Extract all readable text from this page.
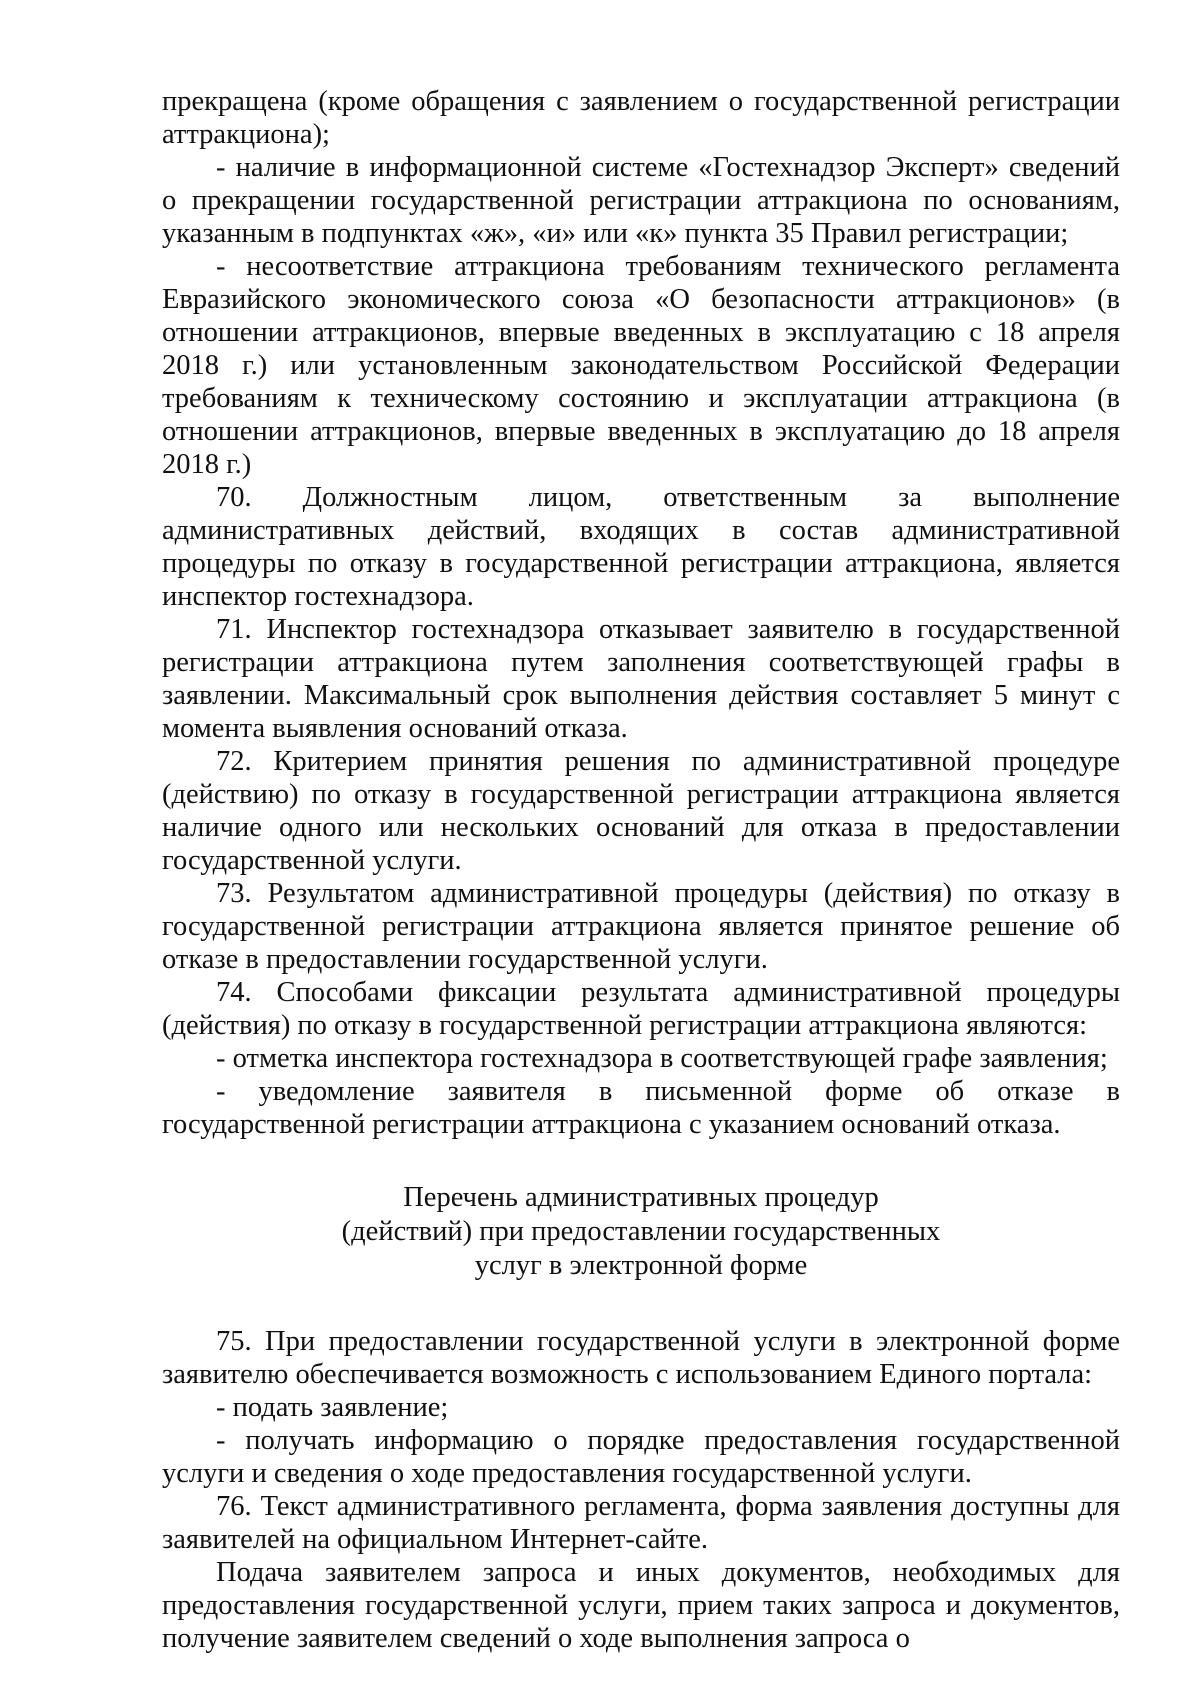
прекращена (кроме обращения с заявлением о государственной регистрации аттракциона);

- наличие в информационной системе «Гостехнадзор Эксперт» сведений о прекращении государственной регистрации аттракциона по основаниям, указанным в подпунктах «ж», «и» или «к» пункта 35 Правил регистрации;

- несоответствие аттракциона требованиям технического регламента Евразийского экономического союза «О безопасности аттракционов» (в отношении аттракционов, впервые введенных в эксплуатацию с 18 апреля 2018 г.) или установленным законодательством Российской Федерации требованиям к техническому состоянию и эксплуатации аттракциона (в отношении аттракционов, впервые введенных в эксплуатацию до 18 апреля 2018 г.)

70. Должностным лицом, ответственным за выполнение административных действий, входящих в состав административной процедуры по отказу в государственной регистрации аттракциона, является инспектор гостехнадзора.

71. Инспектор гостехнадзора отказывает заявителю в государственной регистрации аттракциона путем заполнения соответствующей графы в заявлении. Максимальный срок выполнения действия составляет 5 минут с момента выявления оснований отказа.

72. Критерием принятия решения по административной процедуре (действию) по отказу в государственной регистрации аттракциона является наличие одного или нескольких оснований для отказа в предоставлении государственной услуги.

73. Результатом административной процедуры (действия) по отказу в государственной регистрации аттракциона является принятое решение об отказе в предоставлении государственной услуги.

74. Способами фиксации результата административной процедуры (действия) по отказу в государственной регистрации аттракциона являются:

- отметка инспектора гостехнадзора в соответствующей графе заявления;

- уведомление заявителя в письменной форме об отказе в государственной регистрации аттракциона с указанием оснований отказа.

Перечень административных процедур
(действий) при предоставлении государственных
услуг в электронной форме

75. При предоставлении государственной услуги в электронной форме заявителю обеспечивается возможность с использованием Единого портала:

- подать заявление;

- получать информацию о порядке предоставления государственной услуги и сведения о ходе предоставления государственной услуги.

76. Текст административного регламента, форма заявления доступны для заявителей на официальном Интернет-сайте.

Подача заявителем запроса и иных документов, необходимых для предоставления государственной услуги, прием таких запроса и документов, получение заявителем сведений о ходе выполнения запроса о
